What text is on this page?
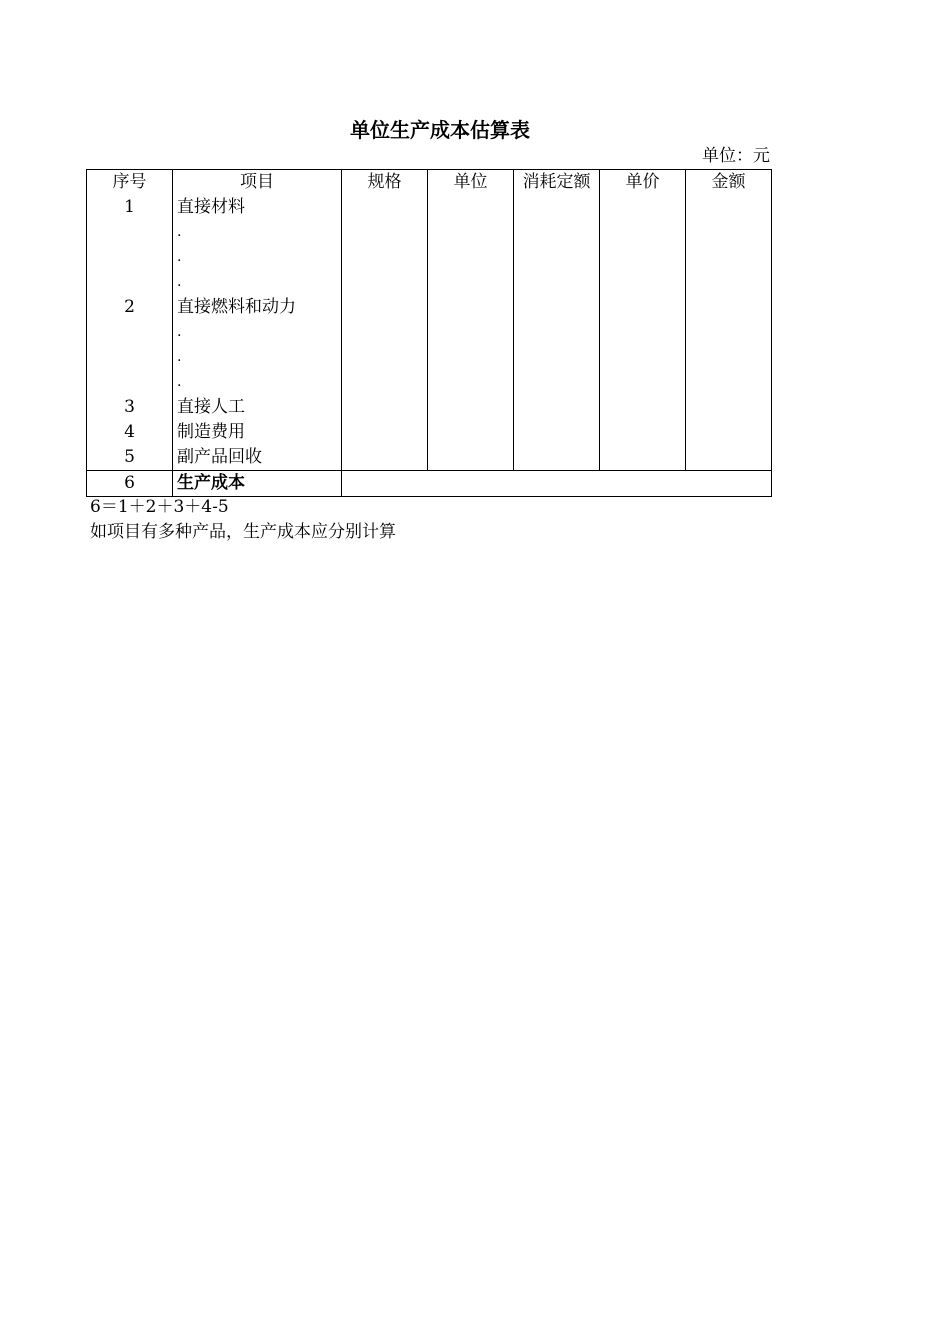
单位生产成本估算表
单位：元
序号	项目	规格	单位	消耗定额	单价	金额
1	直接材料					
	.					
	.					
	.					
2	直接燃料和动力					
	.					
	.					
	.					
3	直接人工					
4	制造费用					
5	副产品回收					
6	生产成本					
6＝1＋2＋3＋4-5
如项目有多种产品，生产成本应分别计算
